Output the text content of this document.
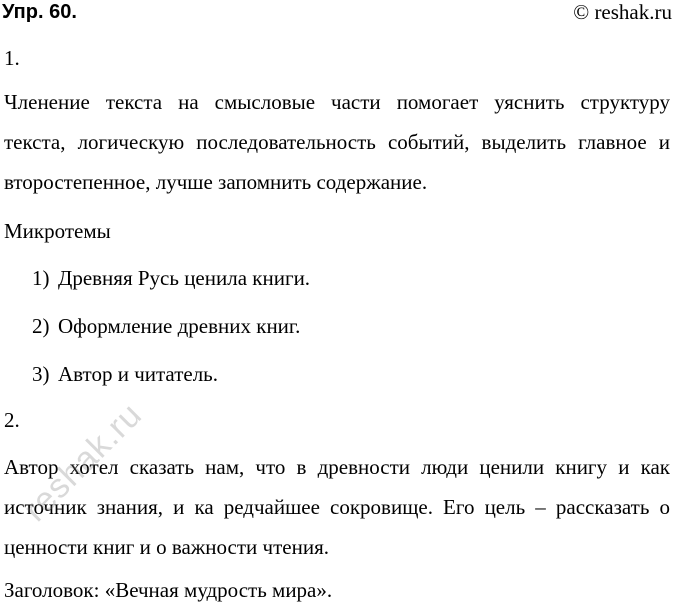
Упр. 60.	© reshak.ru
1.
Членение текста на смысловые части помогает уяснить структуру
текста, логическую последовательность событий, выделить главное и
второстепенное, лучше запомнить содержание.
Микротемы
1) Древняя Русь ценила книги.
2) Оформление древних книг.
3) Автор и читатель.
2.
Автор хотел сказать нам, что в древности люди ценили книгу и как
источник знания, и ка редчайшее сокровище. Его цель – рассказать о
ценности книг и о важности чтения.
Заголовок: «Вечная мудрость мира».
reshak.ru
